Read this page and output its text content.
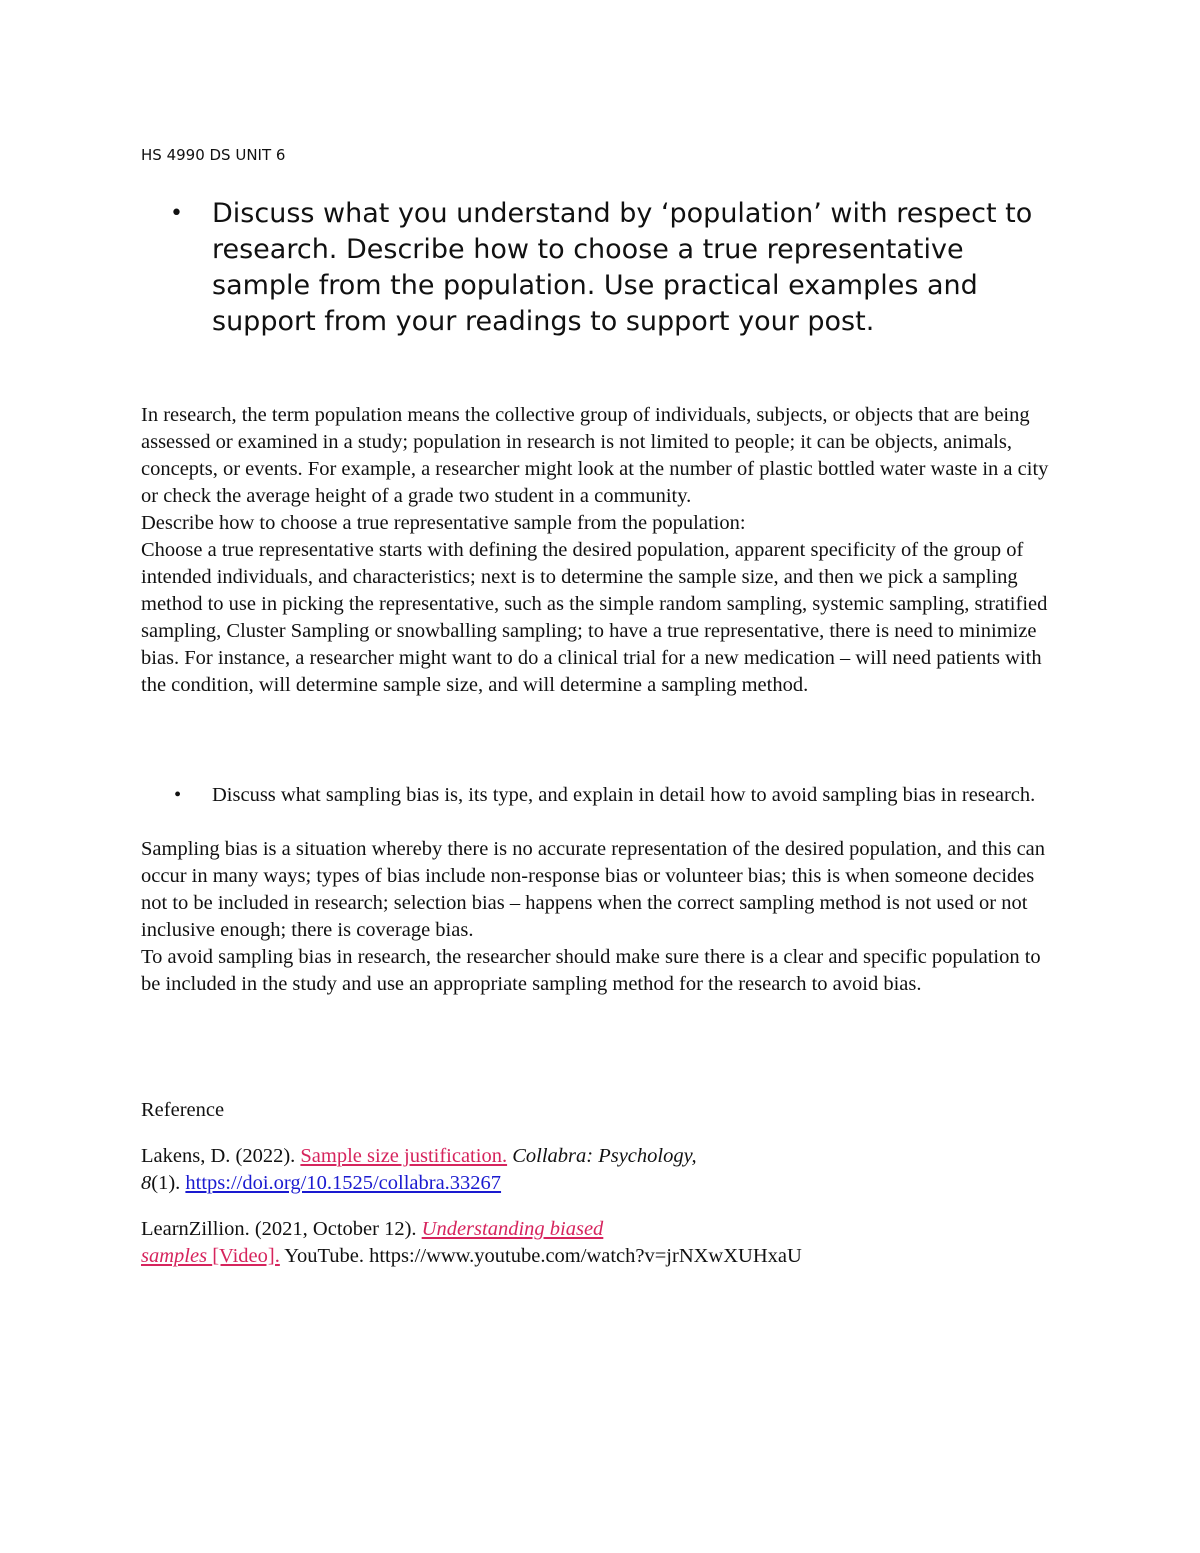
HS 4990 DS UNIT 6
• Discuss what you understand by ‘population’ with respect to research. Describe how to choose a true representative sample from the population. Use practical examples and support from your readings to support your post.

In research, the term population means the collective group of individuals, subjects, or objects that are being assessed or examined in a study; population in research is not limited to people; it can be objects, animals, concepts, or events. For example, a researcher might look at the number of plastic bottled water waste in a city or check the average height of a grade two student in a community.

Describe how to choose a true representative sample from the population:

Choose a true representative starts with defining the desired population, apparent specificity of the group of intended individuals, and characteristics; next is to determine the sample size, and then we pick a sampling method to use in picking the representative, such as the simple random sampling, systemic sampling, stratified sampling, Cluster Sampling or snowballing sampling; to have a true representative, there is need to minimize bias. For instance, a researcher might want to do a clinical trial for a new medication – will need patients with the condition, will determine sample size, and will determine a sampling method.

• Discuss what sampling bias is, its type, and explain in detail how to avoid sampling bias in research.

Sampling bias is a situation whereby there is no accurate representation of the desired population, and this can occur in many ways; types of bias include non-response bias or volunteer bias; this is when someone decides not to be included in research; selection bias – happens when the correct sampling method is not used or not inclusive enough; there is coverage bias.

To avoid sampling bias in research, the researcher should make sure there is a clear and specific population to be included in the study and use an appropriate sampling method for the research to avoid bias.

Reference

Lakens, D. (2022). Sample size justification. Collabra: Psychology,

8(1). https://doi.org/10.1525/collabra.33267

LearnZillion. (2021, October 12). Understanding biased

samples [Video]. YouTube. https://www.youtube.com/watch?v=jrNXwXUHxaU
